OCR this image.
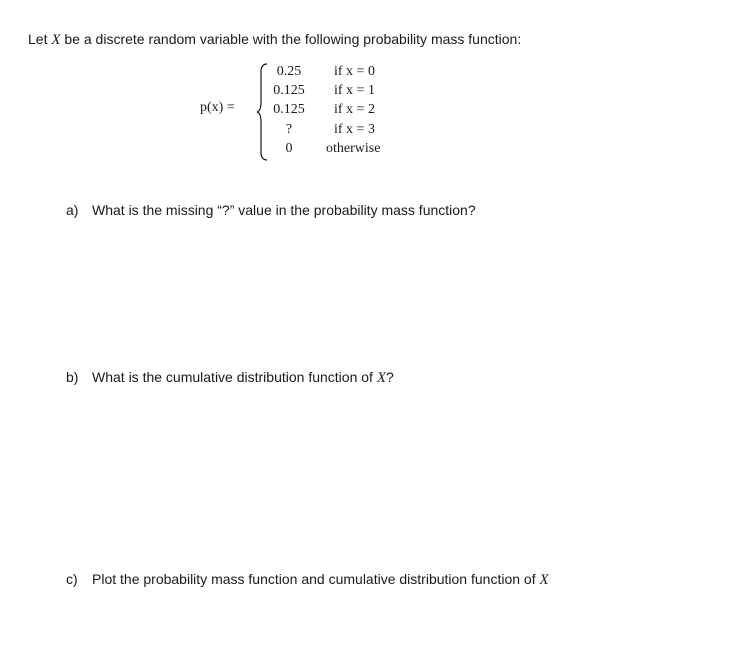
Let X be a discrete random variable with the following probability mass function:
p(x) =
0.25	if x = 0
0.125	if x = 1
0.125	if x = 2
?	if x = 3
0	otherwise
a) What is the missing “?” value in the probability mass function?
b) What is the cumulative distribution function of X?
c) Plot the probability mass function and cumulative distribution function of X
